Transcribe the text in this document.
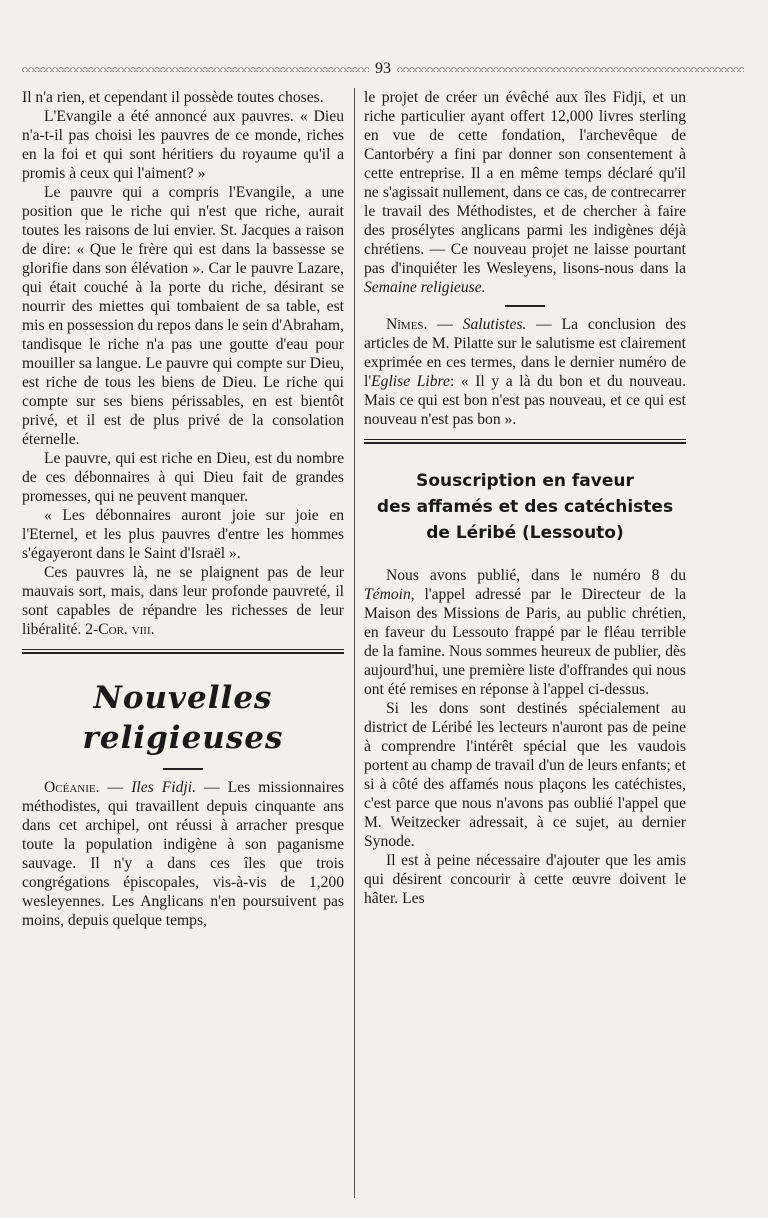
93

Il n'a rien, et cependant il possède toutes choses.

L'Evangile a été annoncé aux pauvres. « Dieu n'a-t-il pas choisi les pauvres de ce monde, riches en la foi et qui sont héritiers du royaume qu'il a promis à ceux qui l'aiment? »

Le pauvre qui a compris l'Evangile, a une position que le riche qui n'est que riche, aurait toutes les raisons de lui envier. St. Jacques a raison de dire: « Que le frère qui est dans la bassesse se glorifie dans son élévation ». Car le pauvre Lazare, qui était couché à la porte du riche, désirant se nourrir des miettes qui tombaient de sa table, est mis en possession du repos dans le sein d'Abraham, tandisque le riche n'a pas une goutte d'eau pour mouiller sa langue. Le pauvre qui compte sur Dieu, est riche de tous les biens de Dieu. Le riche qui compte sur ses biens périssables, en est bientôt privé, et il est de plus privé de la consolation éternelle.

Le pauvre, qui est riche en Dieu, est du nombre de ces débonnaires à qui Dieu fait de grandes promesses, qui ne peuvent manquer.

« Les débonnaires auront joie sur joie en l'Eternel, et les plus pauvres d'entre les hommes s'égayeront dans le Saint d'Israël ».

Ces pauvres là, ne se plaignent pas de leur mauvais sort, mais, dans leur profonde pauvreté, il sont capables de répandre les richesses de leur libéralité. 2-Cor. viii.

Nouvelles religieuses

Océanie. — Iles Fidji. — Les missionnaires méthodistes, qui travaillent depuis cinquante ans dans cet archipel, ont réussi à arracher presque toute la population indigène à son paganisme sauvage. Il n'y a dans ces îles que trois congrégations épiscopales, vis-à-vis de 1,200 wesleyennes. Les Anglicans n'en poursuivent pas moins, depuis quelque temps,

le projet de créer un évêché aux îles Fidji, et un riche particulier ayant offert 12,000 livres sterling en vue de cette fondation, l'archevêque de Cantorbéry a fini par donner son consentement à cette entreprise. Il a en même temps déclaré qu'il ne s'agissait nullement, dans ce cas, de contrecarrer le travail des Méthodistes, et de chercher à faire des prosélytes anglicans parmi les indigènes déjà chrétiens. — Ce nouveau projet ne laisse pourtant pas d'inquiéter les Wesleyens, lisons-nous dans la Semaine religieuse.

Nîmes. — Salutistes. — La conclusion des articles de M. Pilatte sur le salutisme est clairement exprimée en ces termes, dans le dernier numéro de l'Eglise Libre: « Il y a là du bon et du nouveau. Mais ce qui est bon n'est pas nouveau, et ce qui est nouveau n'est pas bon ».

Souscription en faveur
des affamés et des catéchistes
de Léribé (Lessouto)

Nous avons publié, dans le numéro 8 du Témoin, l'appel adressé par le Directeur de la Maison des Missions de Paris, au public chrétien, en faveur du Lessouto frappé par le fléau terrible de la famine. Nous sommes heureux de publier, dès aujourd'hui, une première liste d'offrandes qui nous ont été remises en réponse à l'appel ci-dessus.

Si les dons sont destinés spécialement au district de Léribé les lecteurs n'auront pas de peine à comprendre l'intérêt spécial que les vaudois portent au champ de travail d'un de leurs enfants; et si à côté des affamés nous plaçons les catéchistes, c'est parce que nous n'avons pas oublié l'appel que M. Weitzecker adressait, à ce sujet, au dernier Synode.

Il est à peine nécessaire d'ajouter que les amis qui désirent concourir à cette œuvre doivent le hâter. Les
